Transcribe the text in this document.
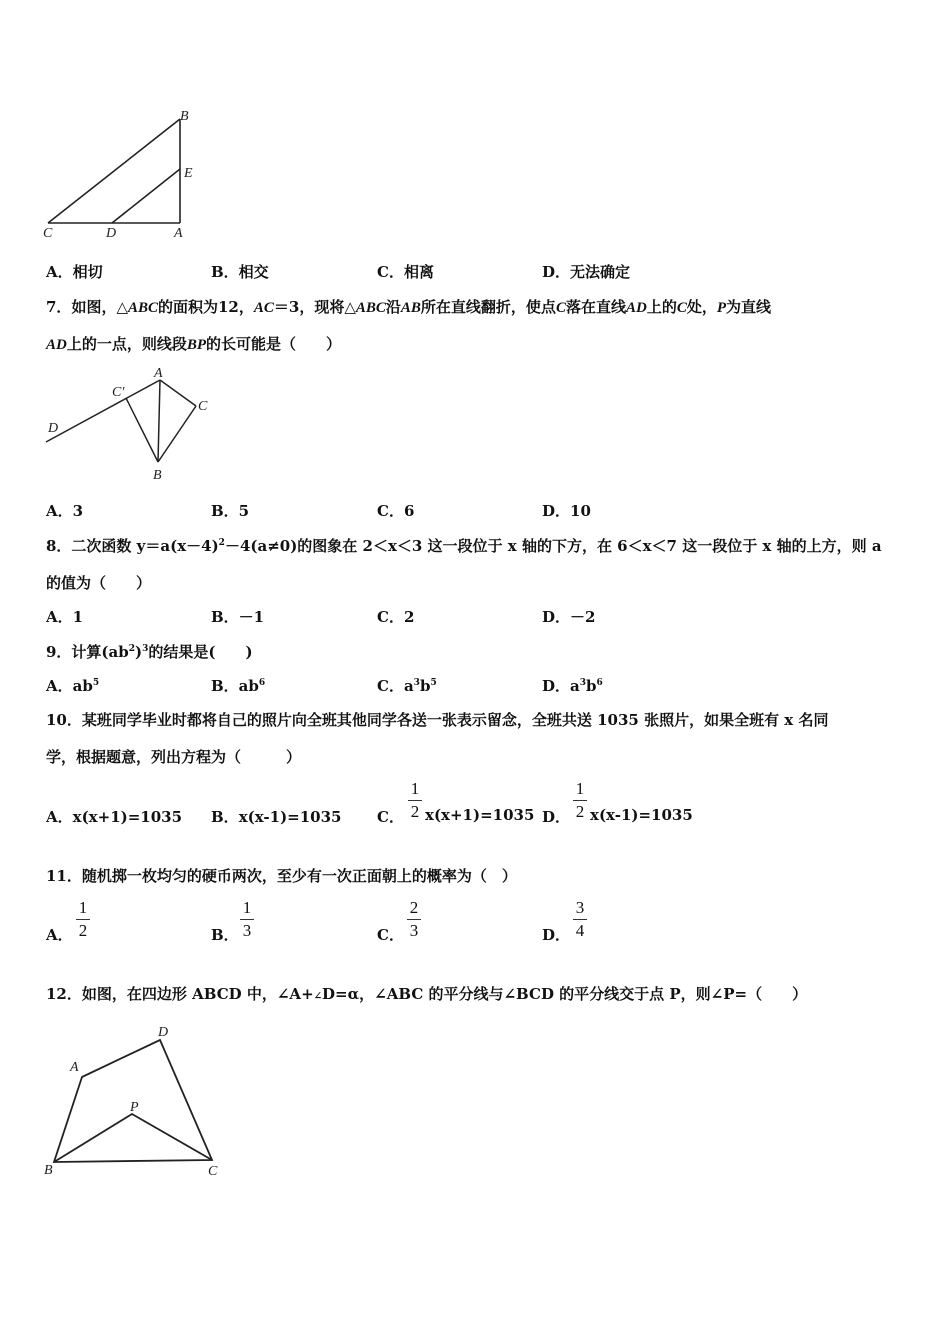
B
E
C	D	A
A．相切	B．相交	C．相离	D．无法确定
7．如图，△ABC的面积为12，AC＝3，现将△ABC沿AB所在直线翻折，使点C落在直线AD上的C处，P为直线
AD上的一点，则线段BP的长可能是（　　）
D
C′
A
C
B
A．3	B．5	C．6	D．10
8．二次函数 $y=a(x-4)^2-4(a\ne 0)$的图象在 2＜x＜3 这一段位于 x 轴的下方，在 6＜x＜7 这一段位于 x 轴的上方，则 a
的值为（　　）
A．1	B．－1	C．2	D．－2
9．计算$(ab^2)^3$的结果是(　　)
A．$ab^5$	B．$ab^6$	C．$a^3b^5$	D．$a^3b^6$
10．某班同学毕业时都将自己的照片向全班其他同学各送一张表示留念，全班共送 1035 张照片，如果全班有 x 名同
学，根据题意，列出方程为（　　　）
A．x(x+1)=1035 B．x(x-1)=1035 C．
1
2 x(x+1)=1035 D．
1
2 x(x-1)=1035
11．随机掷一枚均匀的硬币两次，至少有一次正面朝上的概率为（　）
A．
1
2	B．
1
3	C．
2
3	D．
3
4
12．如图，在四边形 ABCD 中，∠A+∠D=α，∠ABC 的平分线与∠BCD 的平分线交于点 P，则∠P=（　　）
D
A
P
B	C
